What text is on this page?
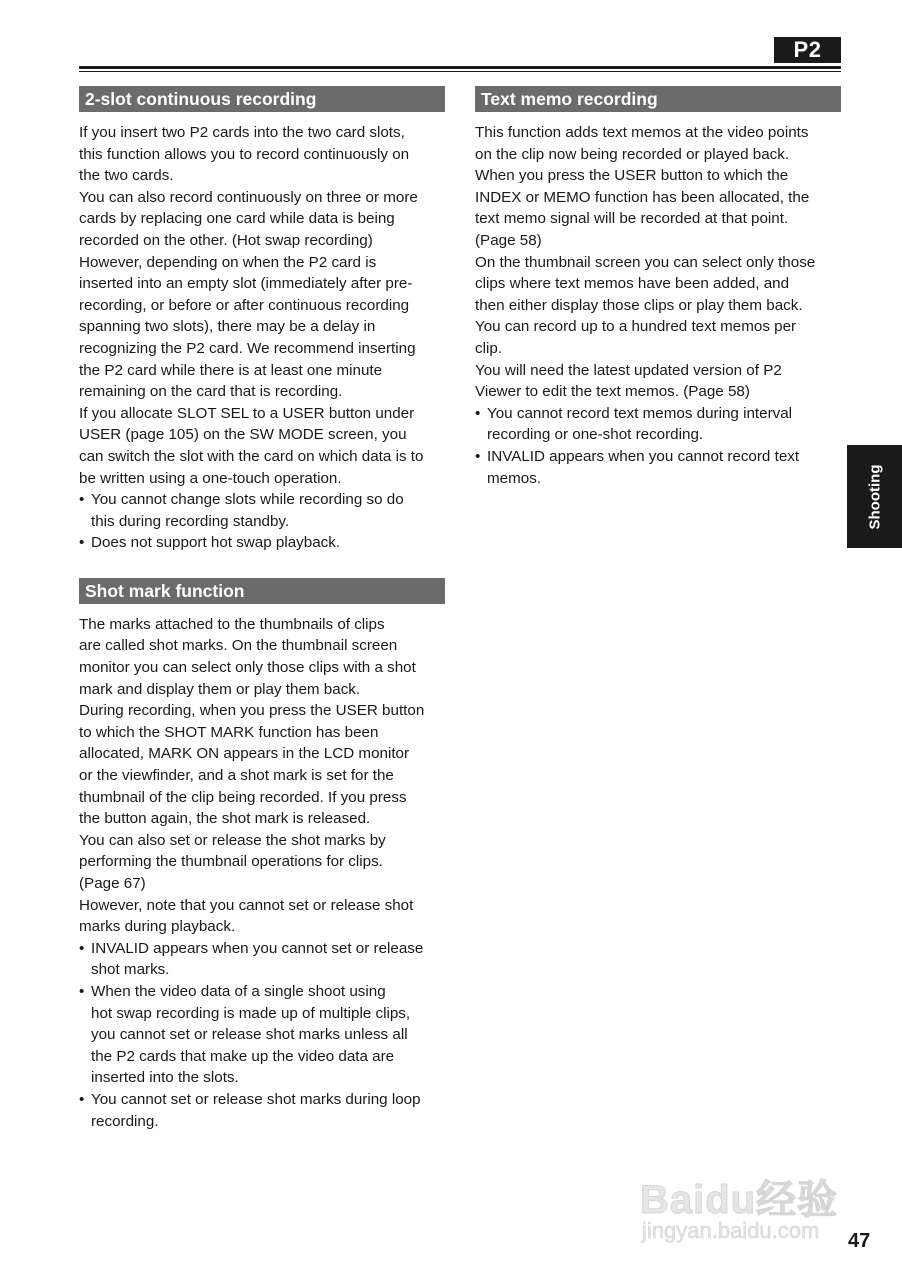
P2
2-slot continuous recording

If you insert two P2 cards into the two card slots,
this function allows you to record continuously on
the two cards.
You can also record continuously on three or more
cards by replacing one card while data is being
recorded on the other. (Hot swap recording)
However, depending on when the P2 card is
inserted into an empty slot (immediately after pre-
recording, or before or after continuous recording
spanning two slots), there may be a delay in
recognizing the P2 card. We recommend inserting
the P2 card while there is at least one minute
remaining on the card that is recording.
If you allocate SLOT SEL to a USER button under
USER (page 105) on the SW MODE screen, you
can switch the slot with the card on which data is to
be written using a one-touch operation.

• You cannot change slots while recording so do
this during recording standby.
• Does not support hot swap playback.
Shot mark function

The marks attached to the thumbnails of clips
are called shot marks. On the thumbnail screen
monitor you can select only those clips with a shot
mark and display them or play them back.
During recording, when you press the USER button
to which the SHOT MARK function has been
allocated, MARK ON appears in the LCD monitor
or the viewfinder, and a shot mark is set for the
thumbnail of the clip being recorded. If you press
the button again, the shot mark is released.
You can also set or release the shot marks by
performing the thumbnail operations for clips.
(Page 67)
However, note that you cannot set or release shot
marks during playback.

• INVALID appears when you cannot set or release
shot marks.
• When the video data of a single shoot using
hot swap recording is made up of multiple clips,
you cannot set or release shot marks unless all
the P2 cards that make up the video data are
inserted into the slots.
• You cannot set or release shot marks during loop
recording.
Text memo recording

This function adds text memos at the video points
on the clip now being recorded or played back.
When you press the USER button to which the
INDEX or MEMO function has been allocated, the
text memo signal will be recorded at that point.
(Page 58)
On the thumbnail screen you can select only those
clips where text memos have been added, and
then either display those clips or play them back.
You can record up to a hundred text memos per
clip.
You will need the latest updated version of P2
Viewer to edit the text memos. (Page 58)

• You cannot record text memos during interval
recording or one-shot recording.
• INVALID appears when you cannot record text
memos.	Shooting
Baidu经验
jingyan.baidu.com 47
